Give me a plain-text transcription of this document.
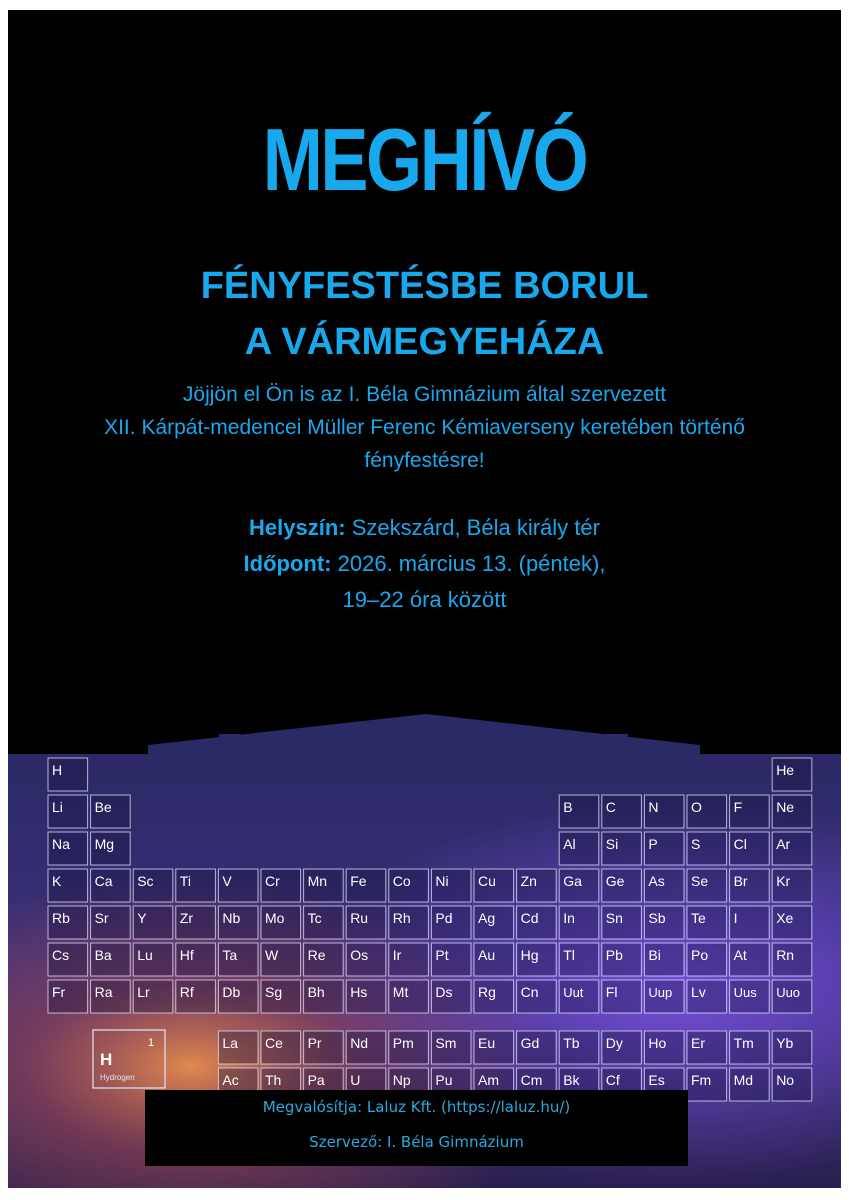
MEGHÍVÓ
FÉNYFESTÉSBE BORUL
A VÁRMEGYEHÁZA
Jöjjön el Ön is az I. Béla Gimnázium által szervezett
XII. Kárpát-medencei Müller Ferenc Kémiaverseny keretében történő
fényfestésre!
Helyszín: Szekszárd, Béla király tér
Időpont: 2026. március 13. (péntek),
19–22 óra között
H	He
Li Be	B C N O F Ne
Na Mg	Al Si P S Cl Ar
K Ca Sc Ti V Cr Mn Fe Co Ni Cu Zn Ga Ge As Se Br Kr
Rb Sr Y Zr Nb Mo Tc Ru Rh Pd Ag Cd In Sn Sb Te I	Xe
Cs Ba Lu Hf Ta W Re Os Ir Pt Au Hg Tl Pb Bi Po At Rn
Fr Ra Lr Rf Db Sg Bh Hs Mt Ds Rg Cn Uut Fl Uup Lv Uus Uuo
La Ce Pr Nd Pm Sm Eu Gd Tb Dy Ho Er Tm Yb
Ac Th Pa U Np Pu Am Cm Bk Cf Es Fm Md No
H
1
Hydrogen
Megvalósítja: Laluz Kft. (https://laluz.hu/)
Szervező: I. Béla Gimnázium
